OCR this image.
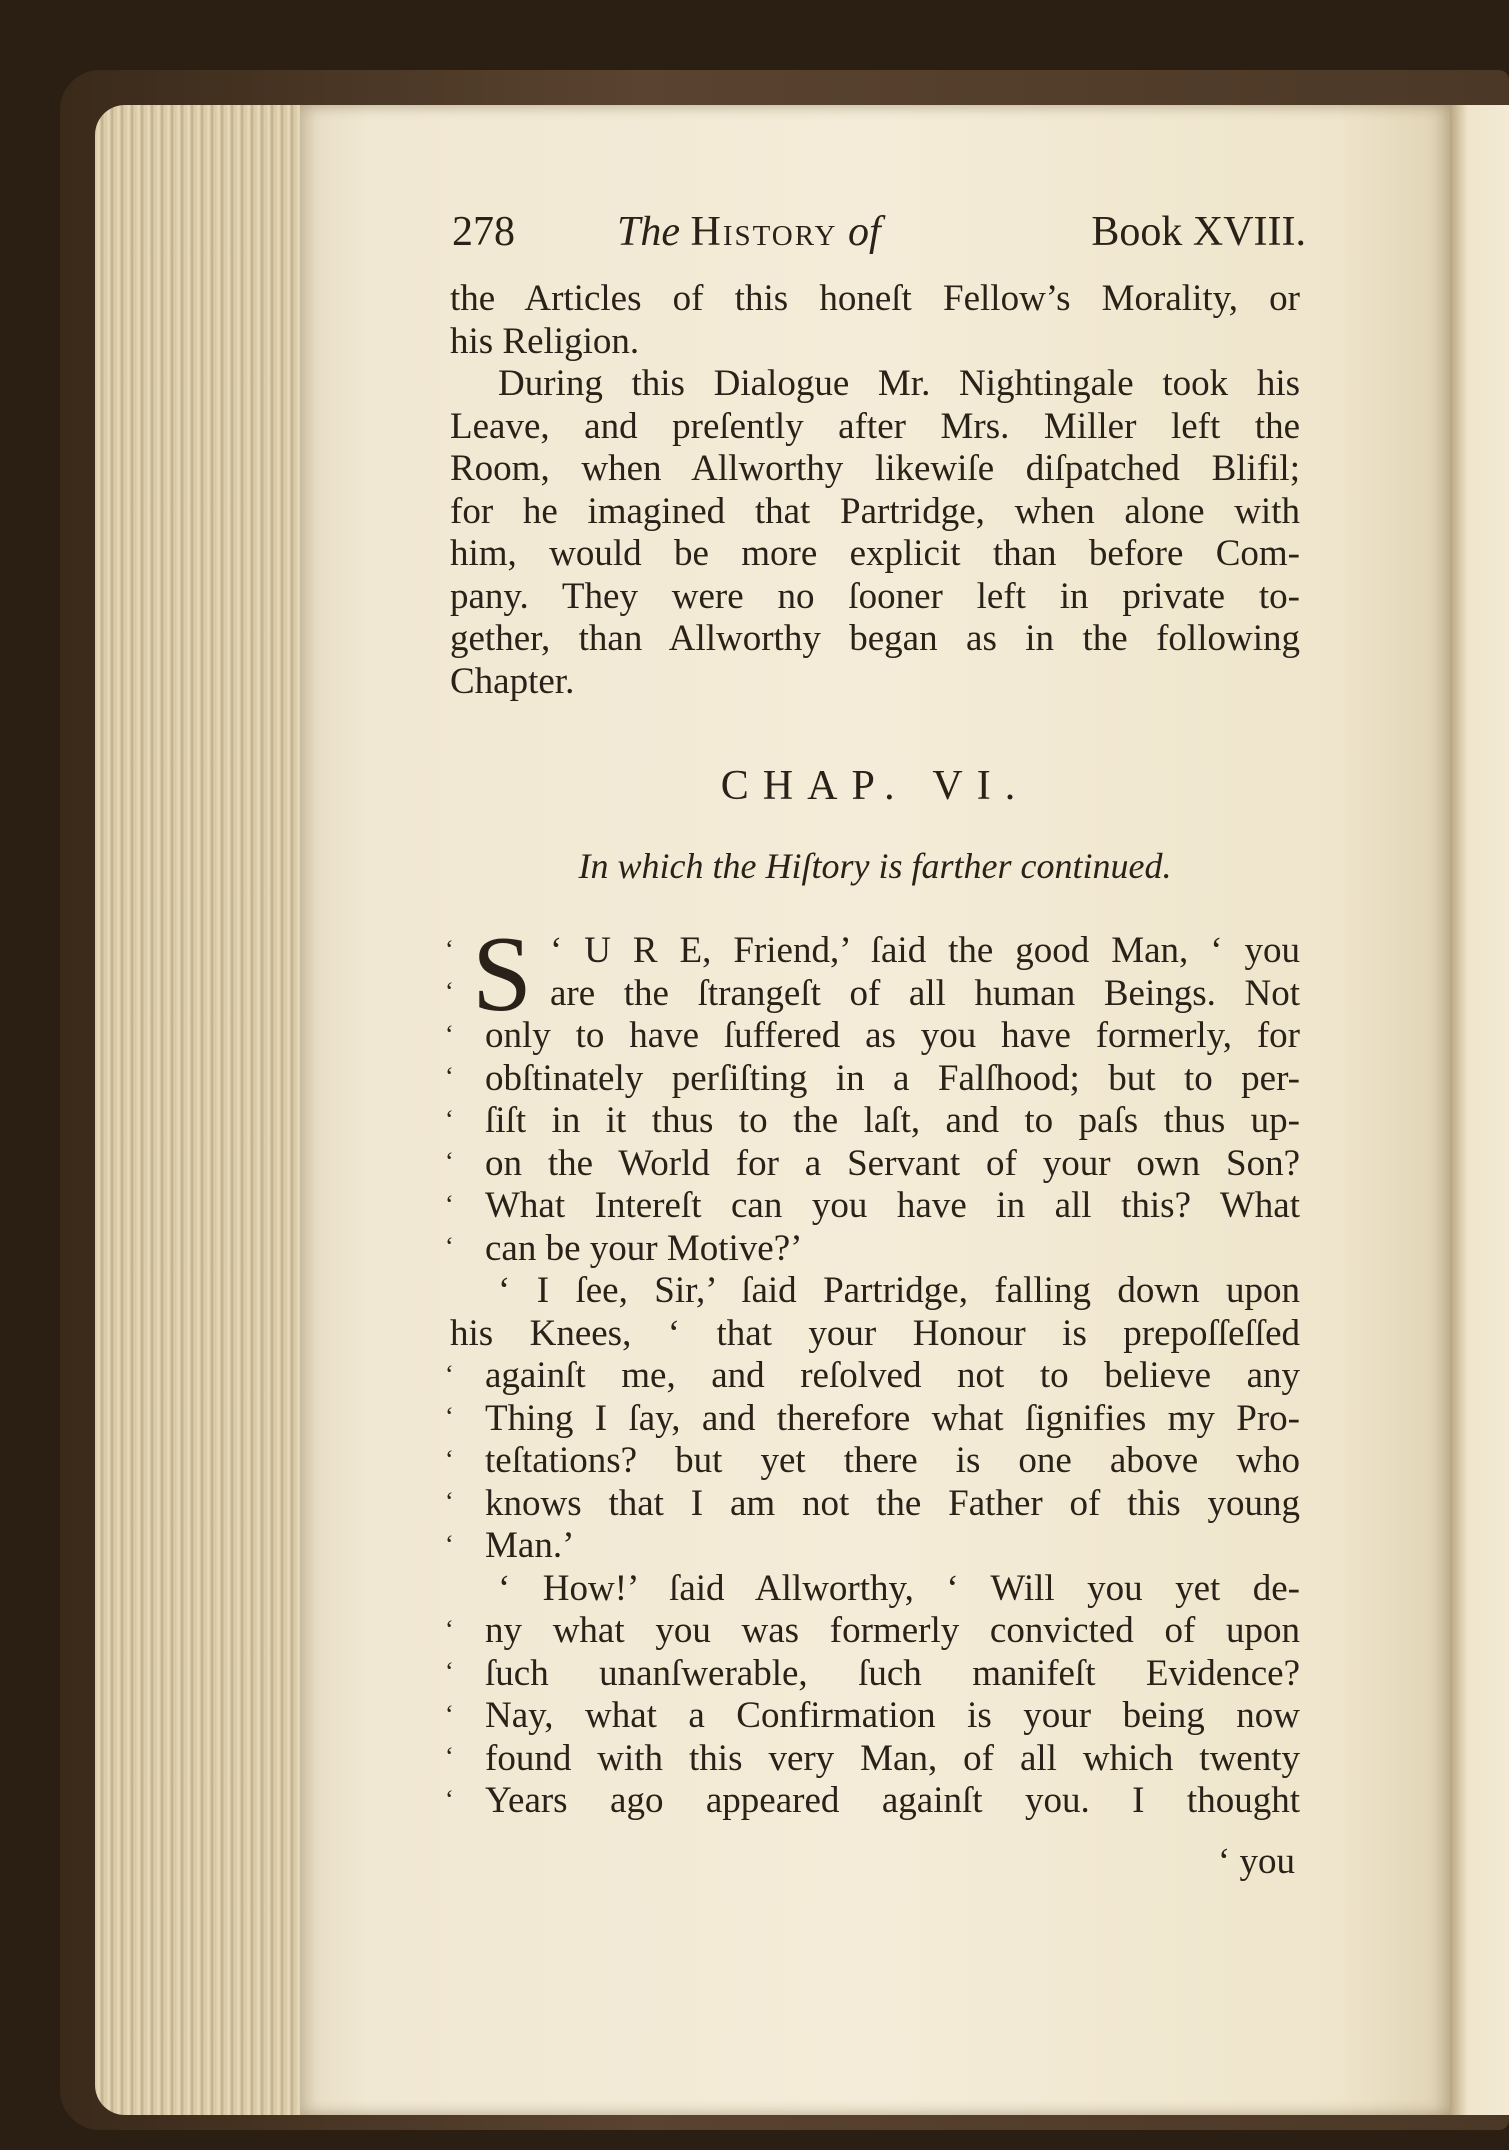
278 The History of	Book XVIII.
the Articles of this honeſt Fellow’s Morality, or
his Religion.
During this Dialogue Mr. Nightingale took his
Leave, and preſently after Mrs. Miller left the
Room, when Allworthy likewiſe diſpatched Blifil;
for he imagined that Partridge, when alone with
him, would be more explicit than before Com-
pany. They were no ſooner left in private to-
gether, than Allworthy began as in the following
Chapter.
CHAP. VI.
In which the Hiſtory is farther continued.
S
‘
‘
‘
‘
‘
‘
‘
‘
‘
‘
‘
‘
‘
‘
‘
‘
‘
‘
‘ U R E, Friend,’ ſaid the good Man, ‘ you
are the ſtrangeſt of all human Beings. Not
only to have ſuffered as you have formerly, for
obſtinately perſiſting in a Falſhood; but to per-
ſiſt in it thus to the laſt, and to paſs thus up-
on the World for a Servant of your own Son?
What Intereſt can you have in all this? What
can be your Motive?’
‘ I ſee, Sir,’ ſaid Partridge, falling down upon
his Knees, ‘ that your Honour is prepoſſeſſed
againſt me, and reſolved not to believe any
Thing I ſay, and therefore what ſignifies my Pro-
teſtations? but yet there is one above who
knows that I am not the Father of this young
Man.’
‘ How!’ ſaid Allworthy, ‘ Will you yet de-
ny what you was formerly convicted of upon
ſuch unanſwerable, ſuch manifeſt Evidence?
Nay, what a Confirmation is your being now
found with this very Man, of all which twenty
Years ago appeared againſt you. I thought
‘ you
